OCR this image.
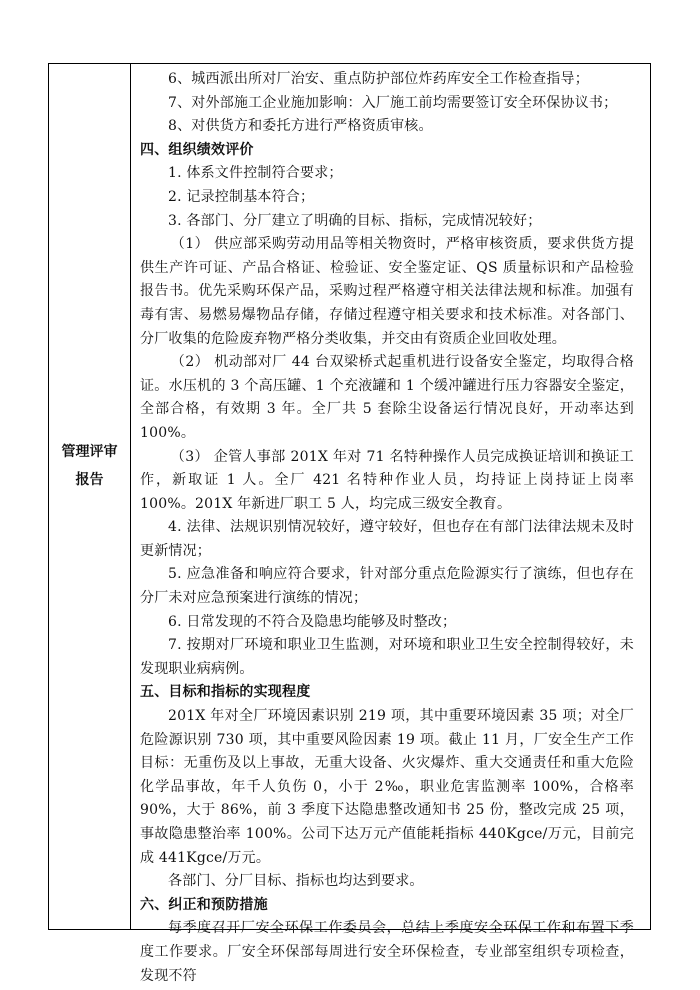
管理评审
报告

6、城西派出所对厂治安、重点防护部位炸药库安全工作检查指导；

7、对外部施工企业施加影响：入厂施工前均需要签订安全环保协议书；

8、对供货方和委托方进行严格资质审核。

四、组织绩效评价

1. 体系文件控制符合要求；

2. 记录控制基本符合；

3. 各部门、分厂建立了明确的目标、指标，完成情况较好；

（1） 供应部采购劳动用品等相关物资时，严格审核资质，要求供货方提供生产许可证、产品合格证、检验证、安全鉴定证、QS 质量标识和产品检验报告书。优先采购环保产品，采购过程严格遵守相关法律法规和标准。加强有毒有害、易燃易爆物品存储，存储过程遵守相关要求和技术标准。对各部门、分厂收集的危险废弃物严格分类收集，并交由有资质企业回收处理。

（2） 机动部对厂 44 台双梁桥式起重机进行设备安全鉴定，均取得合格证。水压机的 3 个高压罐、1 个充液罐和 1 个缓冲罐进行压力容器安全鉴定，全部合格，有效期 3 年。全厂共 5 套除尘设备运行情况良好，开动率达到 100%。

（3） 企管人事部 201X 年对 71 名特种操作人员完成换证培训和换证工作，新取证 1 人。全厂 421 名特种作业人员，均持证上岗持证上岗率 100%。201X 年新进厂职工 5 人，均完成三级安全教育。

4. 法律、法规识别情况较好，遵守较好，但也存在有部门法律法规未及时更新情况；

5. 应急准备和响应符合要求，针对部分重点危险源实行了演练，但也存在分厂未对应急预案进行演练的情况；

6. 日常发现的不符合及隐患均能够及时整改；

7. 按期对厂环境和职业卫生监测，对环境和职业卫生安全控制得较好，未发现职业病病例。

五、目标和指标的实现程度

201X 年对全厂环境因素识别 219 项，其中重要环境因素 35 项；对全厂危险源识别 730 项，其中重要风险因素 19 项。截止 11 月，厂安全生产工作目标：无重伤及以上事故，无重大设备、火灾爆炸、重大交通责任和重大危险化学品事故，年千人负伤 0，小于 2‰，职业危害监测率 100%，合格率 90%，大于 86%，前 3 季度下达隐患整改通知书 25 份，整改完成 25 项，事故隐患整治率 100%。公司下达万元产值能耗指标 440Kgce/万元，目前完成 441Kgce/万元。

各部门、分厂目标、指标也均达到要求。

六、纠正和预防措施

每季度召开厂安全环保工作委员会，总结上季度安全环保工作和布置下季度工作要求。厂安全环保部每周进行安全环保检查，专业部室组织专项检查，发现不符
